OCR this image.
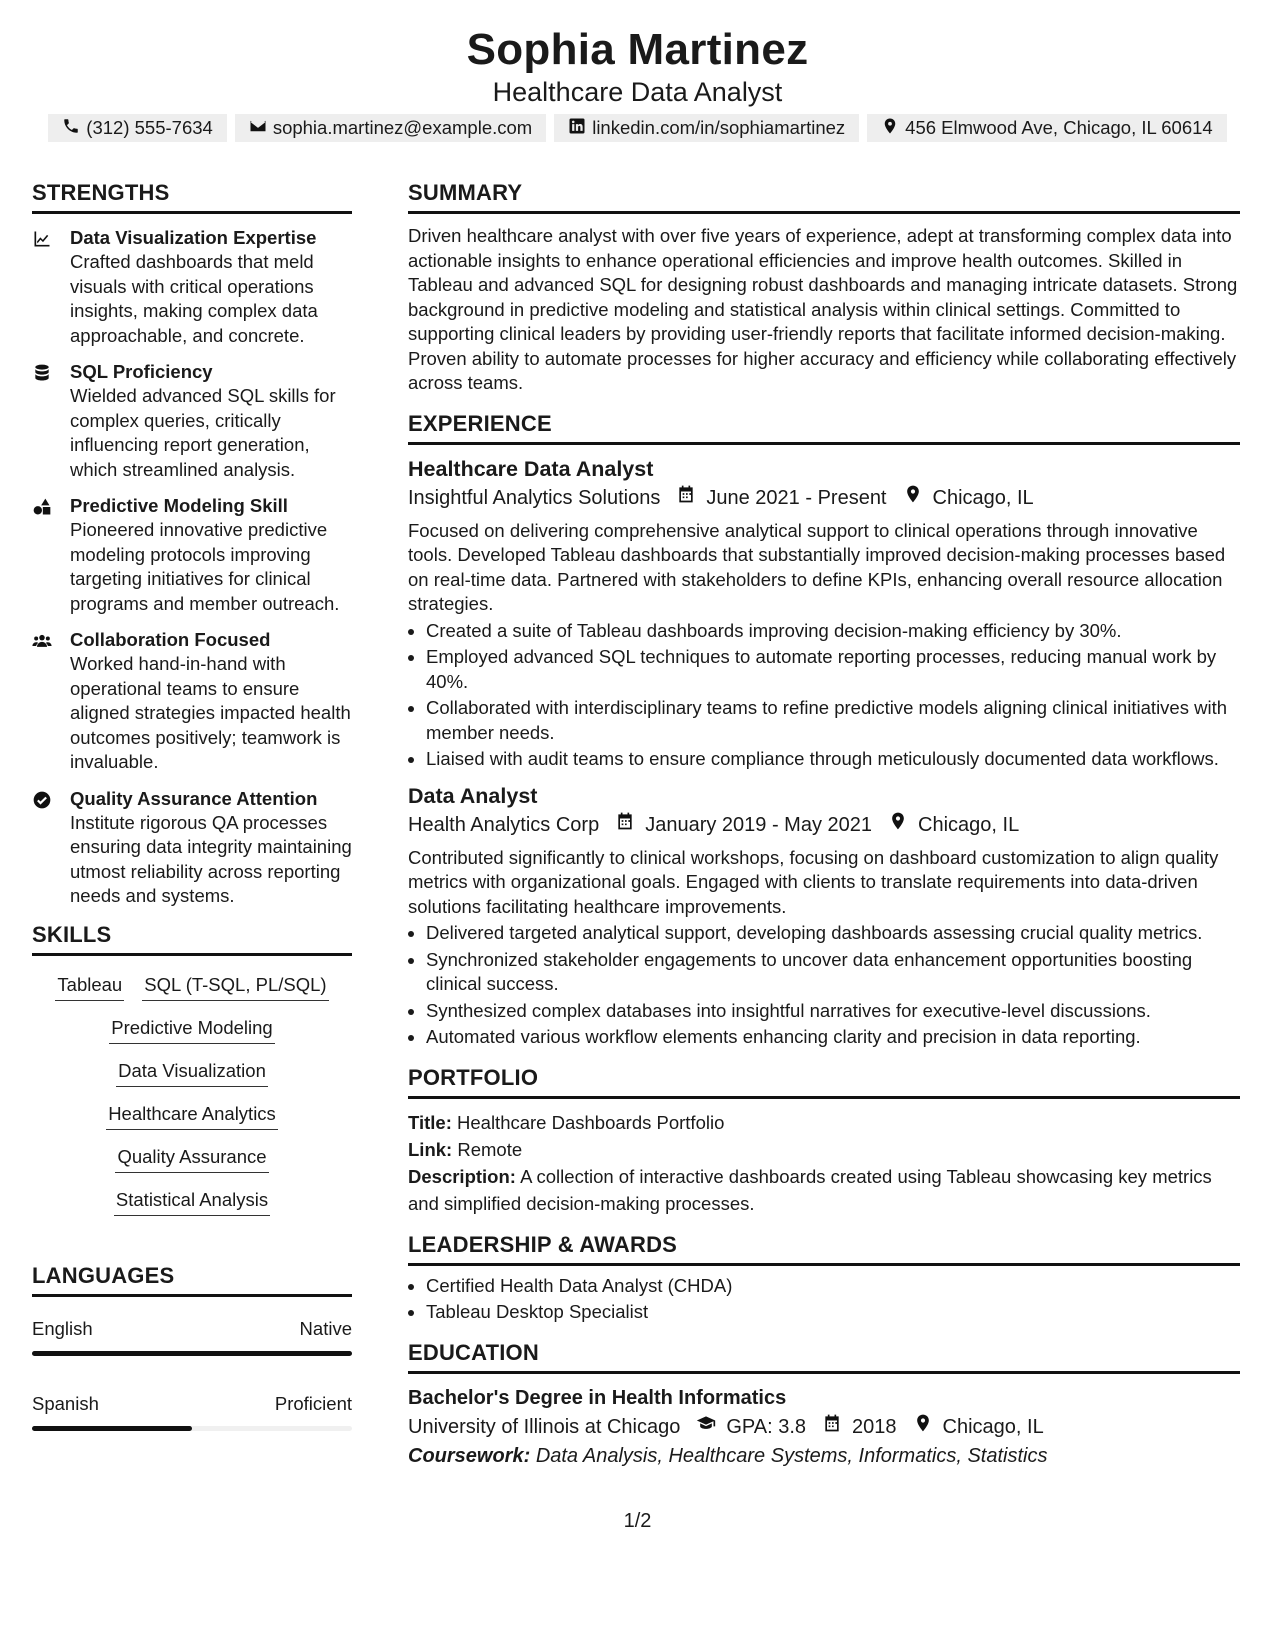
Sophia Martinez
Healthcare Data Analyst
(312) 555-7634	sophia.martinez@example.com	linkedin.com/in/sophiamartinez	456 Elmwood Ave, Chicago, IL 60614
STRENGTHS
Data Visualization Expertise
Crafted dashboards that meld visuals with critical operations insights, making complex data approachable, and concrete.
SQL Proficiency
Wielded advanced SQL skills for complex queries, critically influencing report generation, which streamlined analysis.
Predictive Modeling Skill
Pioneered innovative predictive modeling protocols improving targeting initiatives for clinical programs and member outreach.
Collaboration Focused
Worked hand-in-hand with operational teams to ensure aligned strategies impacted health outcomes positively; teamwork is invaluable.
Quality Assurance Attention
Institute rigorous QA processes ensuring data integrity maintaining utmost reliability across reporting needs and systems.
SKILLS
Tableau SQL (T-SQL, PL/SQL)
Predictive Modeling
Data Visualization
Healthcare Analytics
Quality Assurance
Statistical Analysis
LANGUAGES
English	Native
Spanish	Proficient
SUMMARY
Driven healthcare analyst with over five years of experience, adept at transforming complex data into actionable insights to enhance operational efficiencies and improve health outcomes. Skilled in Tableau and advanced SQL for designing robust dashboards and managing intricate datasets. Strong background in predictive modeling and statistical analysis within clinical settings. Committed to supporting clinical leaders by providing user-friendly reports that facilitate informed decision-making. Proven ability to automate processes for higher accuracy and efficiency while collaborating effectively across teams.
EXPERIENCE
Healthcare Data Analyst
Insightful Analytics Solutions June 2021 - Present Chicago, IL
Focused on delivering comprehensive analytical support to clinical operations through innovative tools. Developed Tableau dashboards that substantially improved decision-making processes based on real-time data. Partnered with stakeholders to define KPIs, enhancing overall resource allocation strategies.
• Created a suite of Tableau dashboards improving decision-making efficiency by 30%.
• Employed advanced SQL techniques to automate reporting processes, reducing manual work by 40%.
• Collaborated with interdisciplinary teams to refine predictive models aligning clinical initiatives with member needs.
• Liaised with audit teams to ensure compliance through meticulously documented data workflows.
Data Analyst
Health Analytics Corp January 2019 - May 2021 Chicago, IL
Contributed significantly to clinical workshops, focusing on dashboard customization to align quality metrics with organizational goals. Engaged with clients to translate requirements into data-driven solutions facilitating healthcare improvements.
• Delivered targeted analytical support, developing dashboards assessing crucial quality metrics.
• Synchronized stakeholder engagements to uncover data enhancement opportunities boosting clinical success.
• Synthesized complex databases into insightful narratives for executive-level discussions.
• Automated various workflow elements enhancing clarity and precision in data reporting.
PORTFOLIO
Title: Healthcare Dashboards Portfolio
Link: Remote
Description: A collection of interactive dashboards created using Tableau showcasing key metrics and simplified decision-making processes.
LEADERSHIP & AWARDS
• Certified Health Data Analyst (CHDA)
• Tableau Desktop Specialist
EDUCATION
Bachelor's Degree in Health Informatics
University of Illinois at Chicago GPA: 3.8 2018 Chicago, IL
Coursework: Data Analysis, Healthcare Systems, Informatics, Statistics
1/2
